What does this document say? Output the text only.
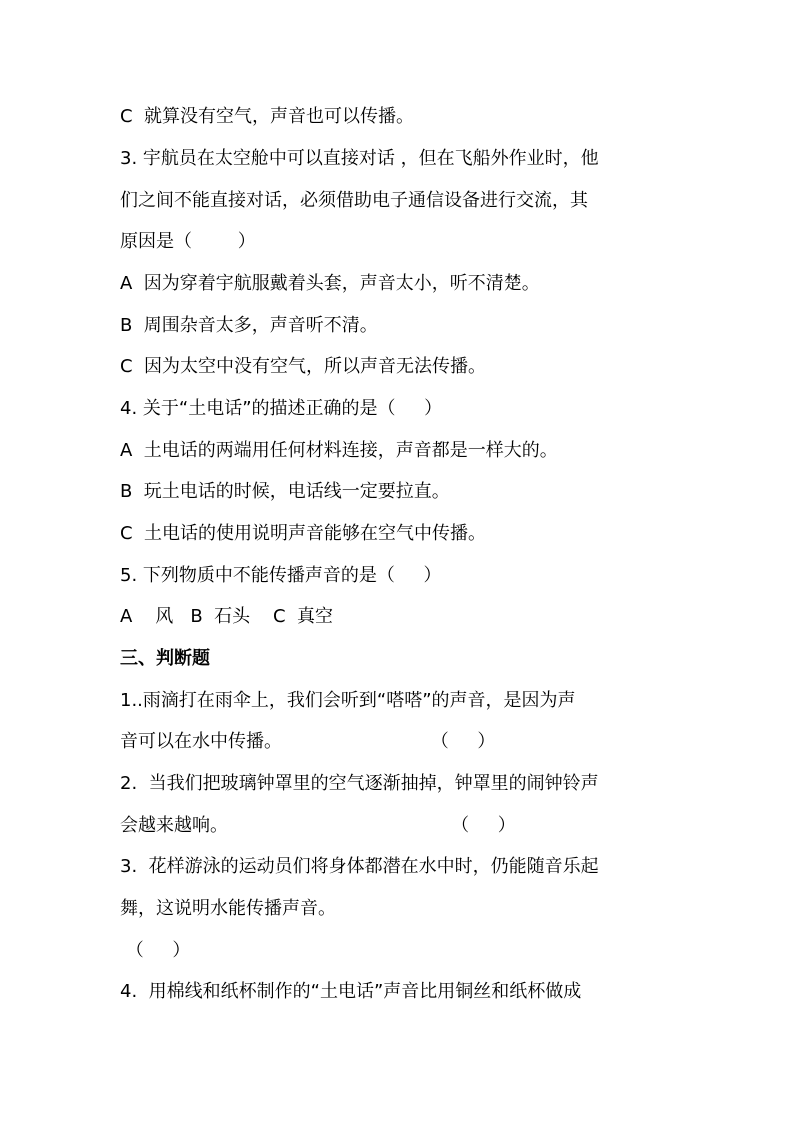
C  就算没有空气，声音也可以传播。
3. 宇航员在太空舱中可以直接对话 ，但在飞船外作业时，他
们之间不能直接对话，必须借助电子通信设备进行交流，其
原因是（        ）
A  因为穿着宇航服戴着头套，声音太小，听不清楚。
B  周围杂音太多，声音听不清。
C  因为太空中没有空气，所以声音无法传播。
4. 关于“土电话”的描述正确的是（     ）
A  土电话的两端用任何材料连接，声音都是一样大的。
B  玩土电话的时候，电话线一定要拉直。
C  土电话的使用说明声音能够在空气中传播。
5. 下列物质中不能传播声音的是（     ）
A    风   B  石头    C  真空
三、判断题
1..雨滴打在雨伞上，我们会听到“嗒嗒”的声音，是因为声
音可以在水中传播。                          （     ）
2.  当我们把玻璃钟罩里的空气逐渐抽掉，钟罩里的闹钟铃声
会越来越响。                                       （     ）
3.  花样游泳的运动员们将身体都潜在水中时，仍能随音乐起
舞，这说明水能传播声音。
（     ）
4.  用棉线和纸杯制作的“土电话”声音比用铜丝和纸杯做成
